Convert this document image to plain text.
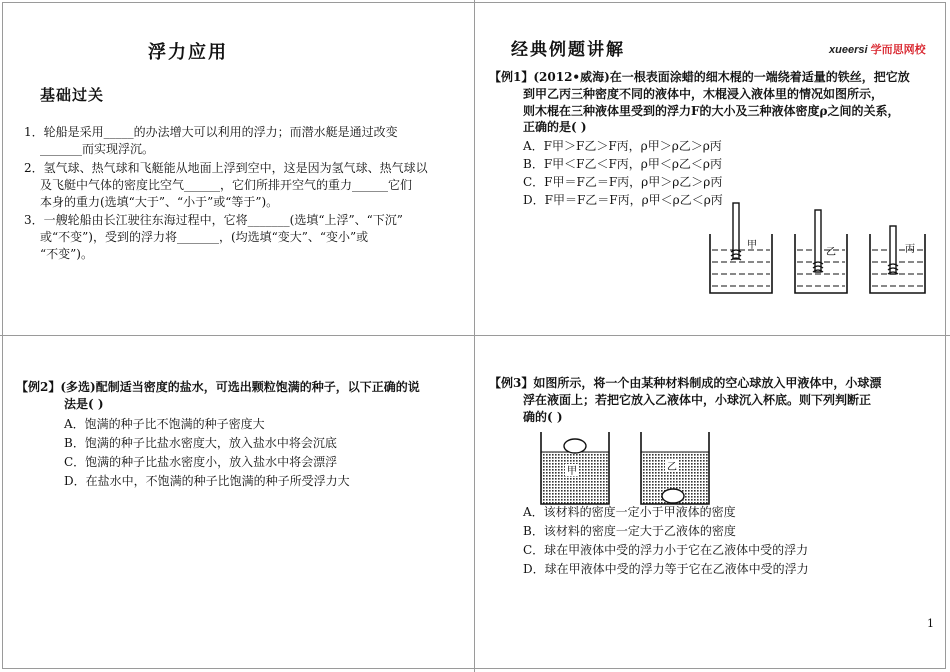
浮力应用
基础过关
1．轮船是采用_____的办法增大可以利用的浮力；而潜水艇是通过改变
_______而实现浮沉。
2．氢气球、热气球和飞艇能从地面上浮到空中，这是因为氢气球、热气球以
及飞艇中气体的密度比空气______，它们所排开空气的重力______它们
本身的重力(选填“大于”、“小于”或“等于”)。
3．一艘轮船由长江驶往东海过程中，它将_______(选填“上浮”、“下沉”
或“不变”)，受到的浮力将_______，(均选填“变大”、“变小”或
“不变”)。
经典例题讲解	xueersi 学而思网校
【例1】(2012•威海)在一根表面涂蜡的细木棍的一端绕着适量的铁丝，把它放
到甲乙丙三种密度不同的液体中，木棍浸入液体里的情况如图所示，
则木棍在三种液体里受到的浮力F的大小及三种液体密度ρ之间的关系，
正确的是( )
A．F甲＞F乙＞F丙，ρ甲＞ρ乙＞ρ丙
B．F甲＜F乙＜F丙，ρ甲＜ρ乙＜ρ丙
C．F甲＝F乙＝F丙，ρ甲＞ρ乙＞ρ丙
D．F甲＝F乙＝F丙，ρ甲＜ρ乙＜ρ丙
甲
乙	丙
【例2】(多选)配制适当密度的盐水，可选出颗粒饱满的种子，以下正确的说
法是( )
A．饱满的种子比不饱满的种子密度大
B．饱满的种子比盐水密度大，放入盐水中将会沉底
C．饱满的种子比盐水密度小，放入盐水中将会漂浮
D．在盐水中，不饱满的种子比饱满的种子所受浮力大
【例3】如图所示，将一个由某种材料制成的空心球放入甲液体中，小球漂
浮在液面上；若把它放入乙液体中，小球沉入杯底。则下列判断正
确的( )
甲	乙
A．该材料的密度一定小于甲液体的密度
B．该材料的密度一定大于乙液体的密度
C．球在甲液体中受的浮力小于它在乙液体中受的浮力
D．球在甲液体中受的浮力等于它在乙液体中受的浮力
1
